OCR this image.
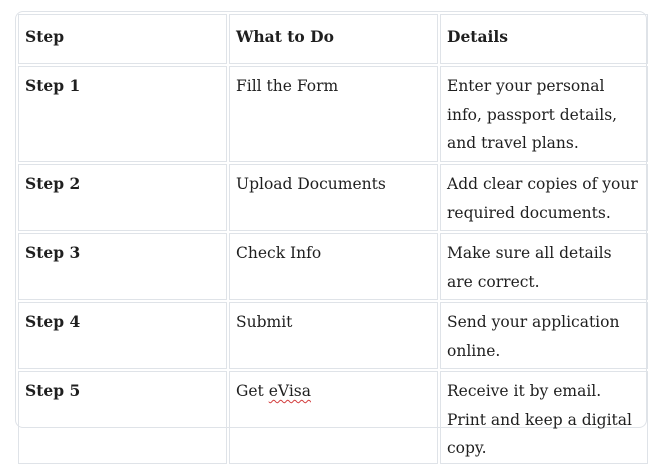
Step	What to Do	Details
Step 1	Fill the Form	Enter your personal info, passport details, and travel plans.
Step 2	Upload Documents	Add clear copies of your required documents.
Step 3	Check Info	Make sure all details are correct.
Step 4	Submit	Send your application online.
Step 5	Get eVisa	Receive it by email. Print and keep a digital copy.
